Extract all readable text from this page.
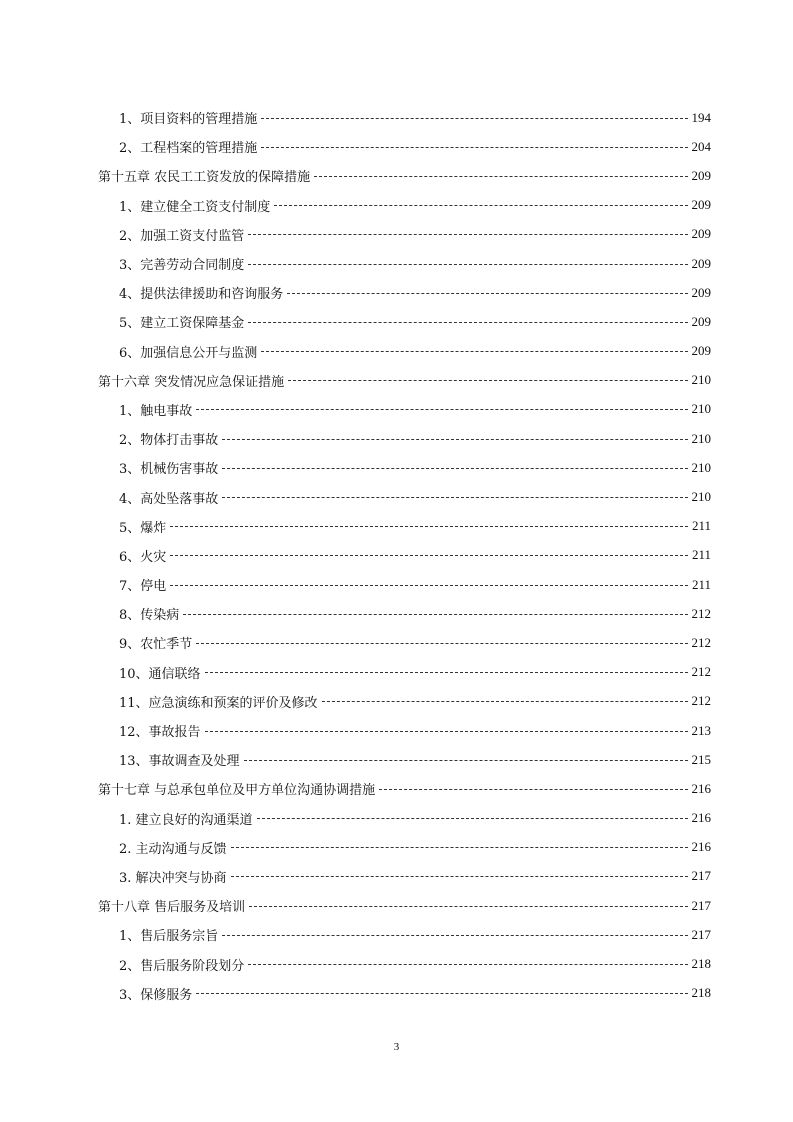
1、项目资料的管理措施	194
2、工程档案的管理措施	204
第十五章 农民工工资发放的保障措施	209
1、建立健全工资支付制度	209
2、加强工资支付监管	209
3、完善劳动合同制度	209
4、提供法律援助和咨询服务	209
5、建立工资保障基金	209
6、加强信息公开与监测	209
第十六章 突发情况应急保证措施	210
1、触电事故	210
2、物体打击事故	210
3、机械伤害事故	210
4、高处坠落事故	210
5、爆炸	211
6、火灾	211
7、停电	211
8、传染病	212
9、农忙季节	212
10、通信联络	212
11、应急演练和预案的评价及修改	212
12、事故报告	213
13、事故调查及处理	215
第十七章 与总承包单位及甲方单位沟通协调措施	216
1. 建立良好的沟通渠道	216
2. 主动沟通与反馈	216
3. 解决冲突与协商	217
第十八章 售后服务及培训	217
1、售后服务宗旨	217
2、售后服务阶段划分	218
3、保修服务	218
3
